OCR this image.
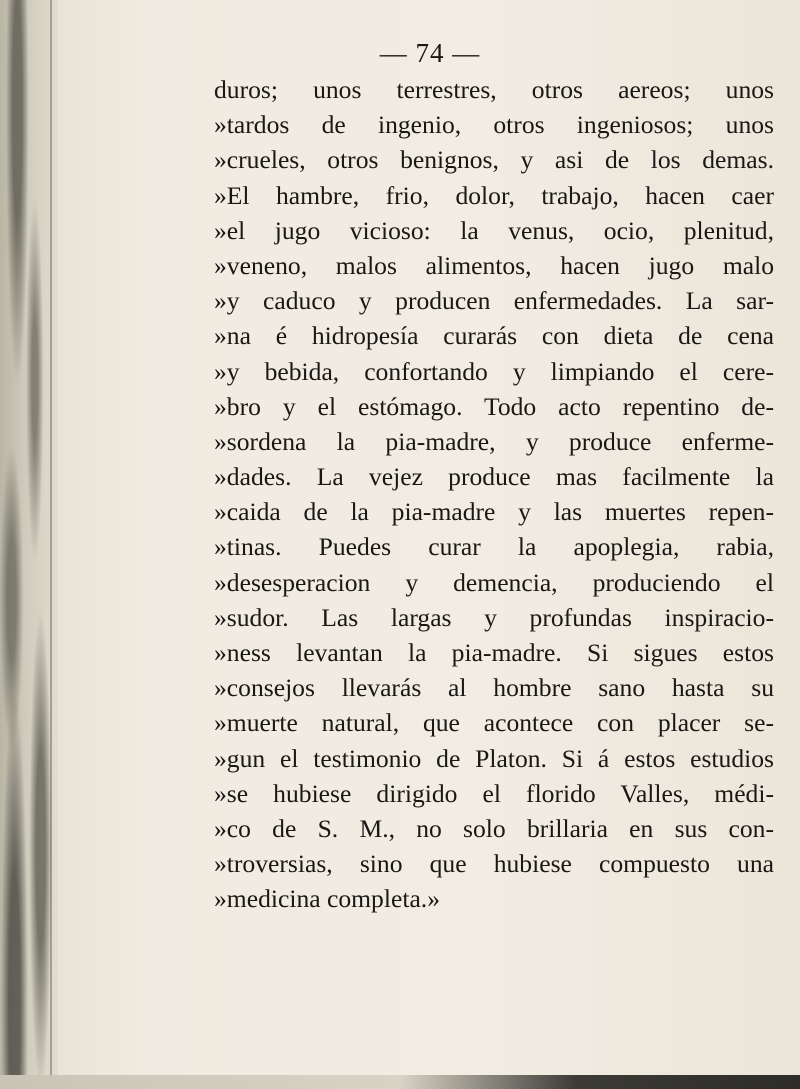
— 74 —
duros; unos terrestres, otros aereos; unos
»tardos de ingenio, otros ingeniosos; unos
»crueles, otros benignos, y asi de los demas.
»El hambre, frio, dolor, trabajo, hacen caer
»el jugo vicioso: la venus, ocio, plenitud,
»veneno, malos alimentos, hacen jugo malo
»y caduco y producen enfermedades. La sar-
»na é hidropesía curarás con dieta de cena
»y bebida, confortando y limpiando el cere-
»bro y el estómago. Todo acto repentino de-
»sordena la pia-madre, y produce enferme-
»dades. La vejez produce mas facilmente la
»caida de la pia-madre y las muertes repen-
»tinas. Puedes curar la apoplegia, rabia,
»desesperacion y demencia, produciendo el
»sudor. Las largas y profundas inspiracio-
»ness levantan la pia-madre. Si sigues estos
»consejos llevarás al hombre sano hasta su
»muerte natural, que acontece con placer se-
»gun el testimonio de Platon. Si á estos estudios
»se hubiese dirigido el florido Valles, médi-
»co de S. M., no solo brillaria en sus con-
»troversias, sino que hubiese compuesto una
»medicina completa.»
